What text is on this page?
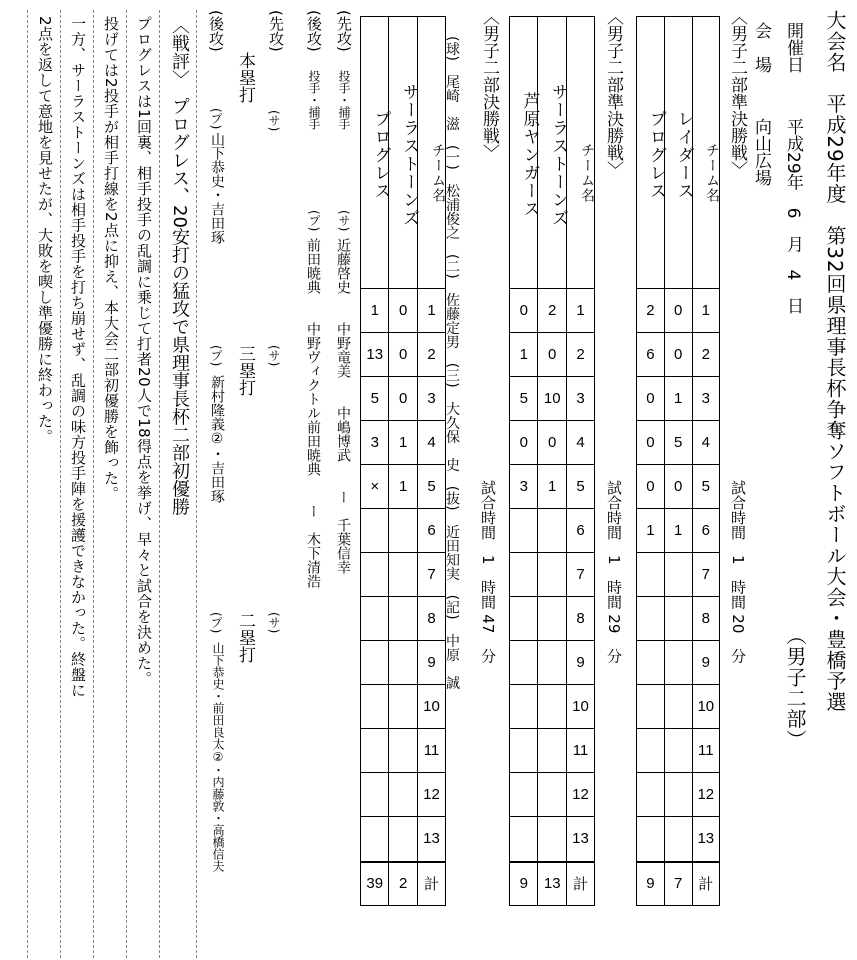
大会名　平成29年度　第32回県理事長杯争奪ソフトボール大会・豊橋予選
（男子二部）
開催日
平成29年　6　月　4　日
会　場
向山広場
〈男子二部準決勝戦〉
試合時間　1　時間 20　分
プログレス	レイダース	チーム名
2	0	1
6	0	2
0	1	3
0	5	4
0	0	5
1	1	6
		7
		8
		9
		10
		11
		12
		13
9	7	計
〈男子二部準決勝戦〉
試合時間　1　時間 29　分
芦原ヤンガース	サーラストーンズ	チーム名
0	2	1
1	0	2
5	10	3
0	0	4
3	1	5
		6
		7
		8
		9
		10
		11
		12
		13
9	13	計
〈男子二部決勝戦〉
試合時間　1　時間 47　分
プログレス	サーラストーンズ	チーム名
1	0	1
13	0	2
5	0	3
3	1	4
×	1	5
		6
		7
		8
		9
		10
		11
		12
		13
39	2	計
(球)　尾崎　滋　(一)　松浦俊之　(二)　佐藤定男　(三)　大久保　史　(抜)　近田知実　(記)　中原　誠
(先攻)
投手・捕手
(サ)
近藤啓史　　中野竜美　　中嶋博武　　ー　千葉信幸
(後攻)
投手・捕手
(プ)
前田暁典　　中野ヴィクトル前田暁典　　ー　木下清浩
(先攻)
(サ)
本塁打
(後攻)
(プ)
山下恭史・吉田琢
(サ)
三塁打
(プ)
新村隆義②・吉田琢
(サ)
二塁打
(プ)
山下恭史・前田良太②・内藤敦・高橋信夫
〈戦評〉　プログレス、20安打の猛攻で県理事長杯二部初優勝
プログレスは1回裏、相手投手の乱調に乗じて打者20人で18得点を挙げ、早々と試合を決めた。
投げては2投手が相手打線を2点に抑え、本大会二部初優勝を飾った。
一方、サーラストーンズは相手投手を打ち崩せず、乱調の味方投手陣を援護できなかった。終盤に
2点を返して意地を見せたが、大敗を喫し準優勝に終わった。
